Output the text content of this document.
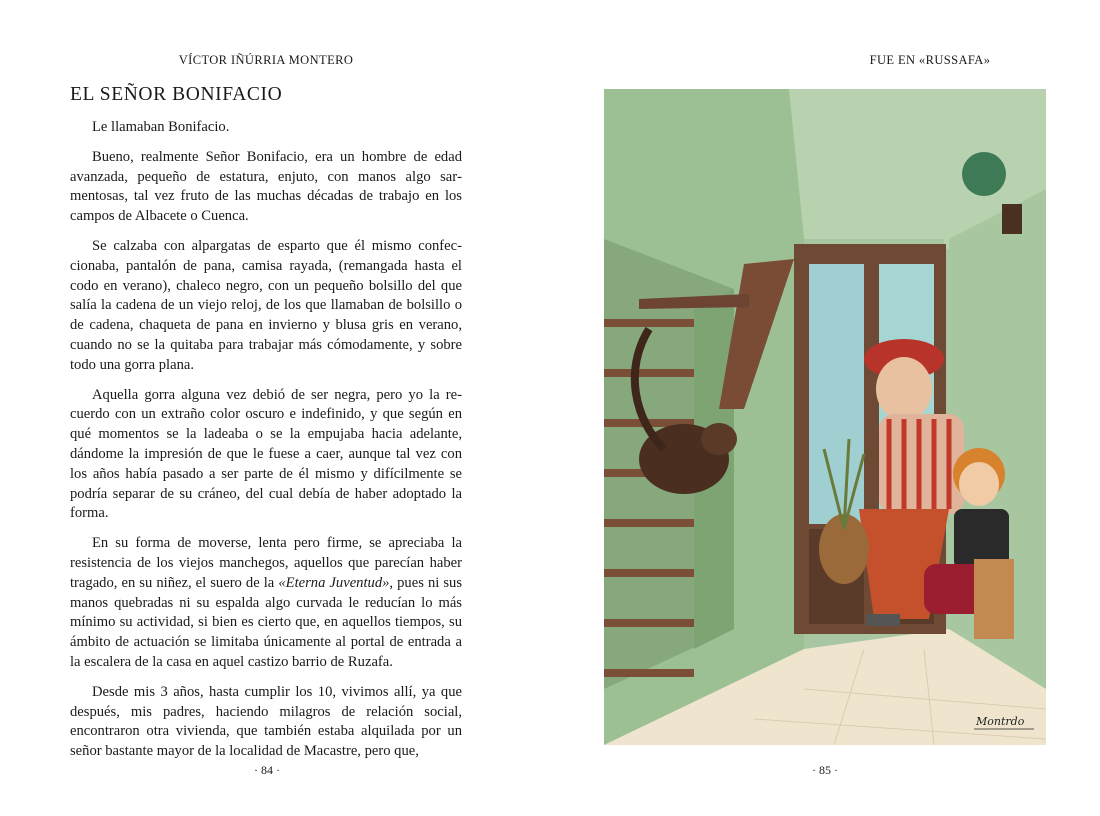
VÍCTOR IÑÚRRIA MONTERO
EL SEÑOR BONIFACIO

Le llamaban Bonifacio.

Bueno, realmente Señor Bonifacio, era un hombre de edad avanzada, pequeño de estatura, enjuto, con manos algo sarmentosas, tal vez fruto de las muchas décadas de trabajo en los campos de Albacete o Cuenca.

Se calzaba con alpargatas de esparto que él mismo confeccionaba, pantalón de pana, camisa rayada, (remangada hasta el codo en verano), chaleco negro, con un pequeño bolsillo del que salía la cadena de un viejo reloj, de los que llamaban de bolsillo o de cadena, chaqueta de pana en invierno y blusa gris en verano, cuando no se la quitaba para trabajar más cómodamente, y sobre todo una gorra plana.

Aquella gorra alguna vez debió de ser negra, pero yo la recuerdo con un extraño color oscuro e indefinido, y que según en qué momentos se la ladeaba o se la empujaba hacia adelante, dándome la impresión de que le fuese a caer, aunque tal vez con los años había pasado a ser parte de él mismo y difícilmente se podría separar de su cráneo, del cual debía de haber adoptado la forma.

En su forma de moverse, lenta pero firme, se apreciaba la resistencia de los viejos manchegos, aquellos que parecían haber tragado, en su niñez, el suero de la «Eterna Juventud», pues ni sus manos quebradas ni su espalda algo curvada le reducían lo más mínimo su actividad, si bien es cierto que, en aquellos tiempos, su ámbito de actuación se limitaba únicamente al portal de entrada a la escalera de la casa en aquel castizo barrio de Ruzafa.

Desde mis 3 años, hasta cumplir los 10, vivimos allí, ya que después, mis padres, haciendo milagros de relación social, encontraron otra vivienda, que también estaba alquilada por un señor bastante mayor de la localidad de Macastre, pero que,

· 84 ·
FUE EN «RUSSAFA»
Montrdo
· 85 ·
